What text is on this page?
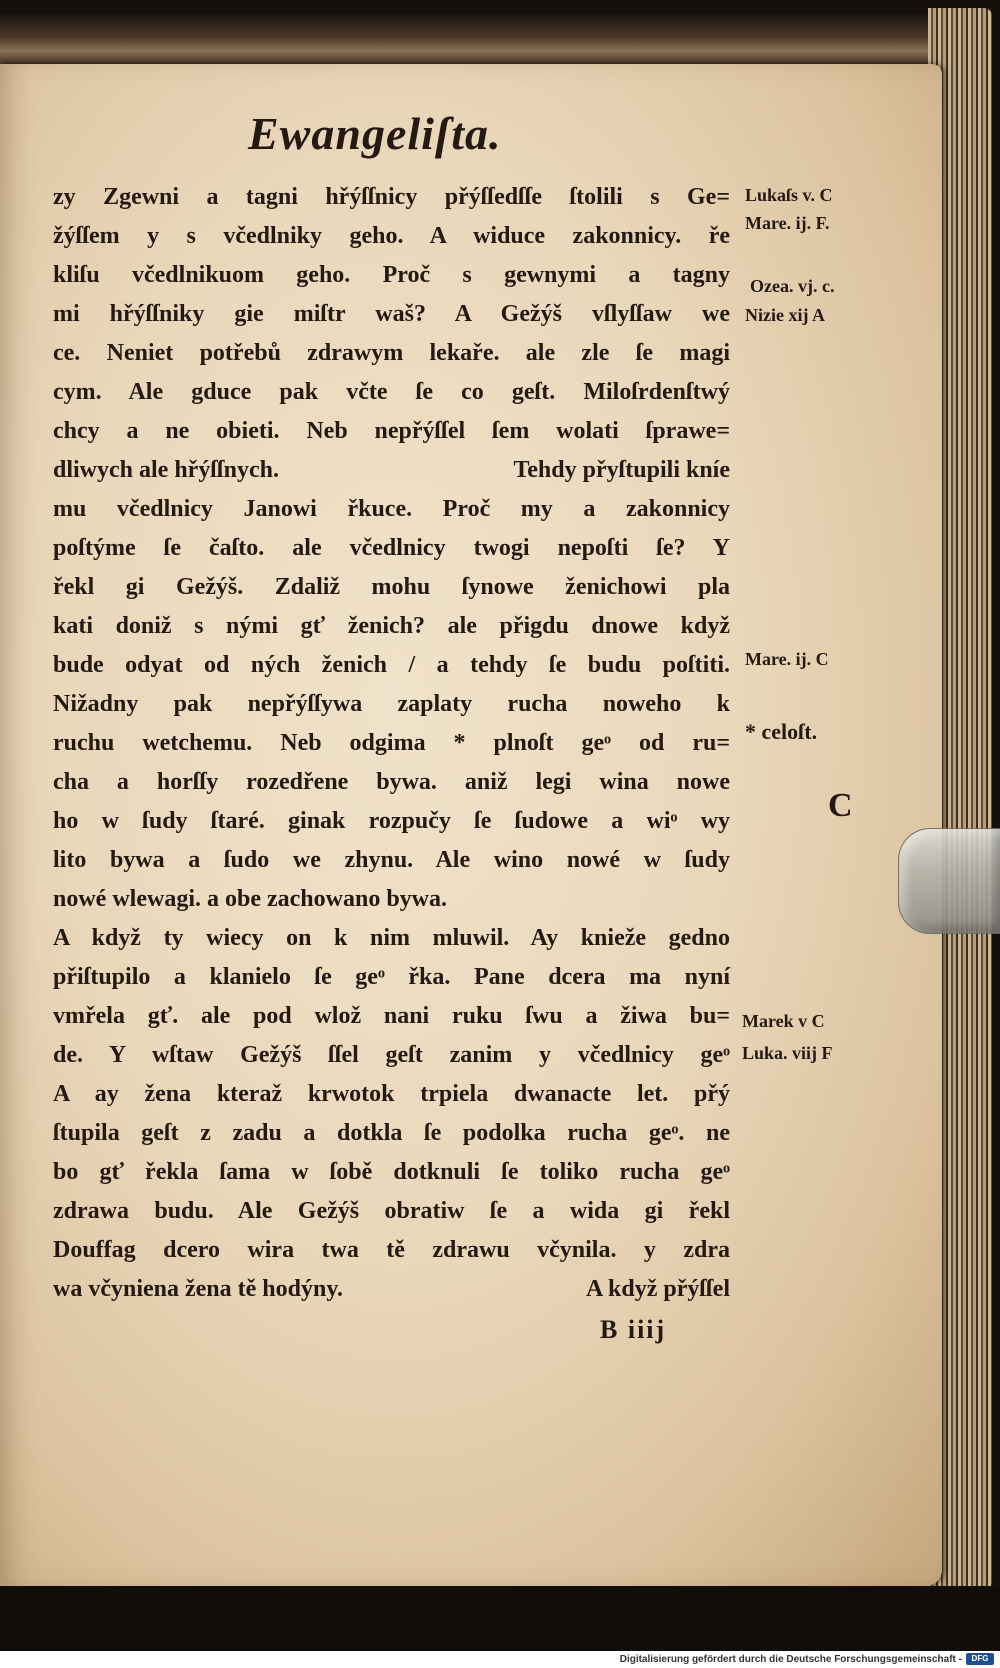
Ewangeliſta.
zy Zgewni a tagni hřýſſnicy přýſſedſſe ſtolili s Ge=
žýſſem y s včedlniky geho. A widuce zakonnicy. ře
kliſu včedlnikuom geho. Proč s gewnymi a tagny
mi hřýſſniky gie miſtr waš? A Gežýš vſlyſſaw we
ce. Neniet potřebů zdrawym lekaře. ale zle ſe magi
cym. Ale gduce pak včte ſe co geſt. Miloſrdenſtwý
chcy a ne obieti. Neb nepřýſſel ſem wolati ſprawe=
dliwych ale hřýſſnych.	Tehdy přyſtupili kníe
mu včedlnicy Janowi řkuce. Proč my a zakonnicy
poſtýme ſe čaſto. ale včedlnicy twogi nepoſti ſe? Y
řekl gi Gežýš. Zdaliž mohu ſynowe ženichowi pla
kati doniž s nými gť ženich? ale přigdu dnowe když
bude odyat od ných ženich / a tehdy ſe budu poſtiti.
Nižadny pak nepřýſſywa zaplaty rucha noweho k
ruchu wetchemu. Neb odgima * plnoſt geᵒ od ru=
cha a horſſy rozedřene bywa. aniž legi wina nowe
ho w ſudy ſtaré. ginak rozpučy ſe ſudowe a wiᵒ wy
lito bywa a ſudo we zhynu. Ale wino nowé w ſudy
nowé wlewagi. a obe zachowano bywa.
A když ty wiecy on k nim mluwil. Ay knieže gedno
přiſtupilo a klanielo ſe geᵒ řka. Pane dcera ma nyní
vmřela gť. ale pod wlož nani ruku ſwu a žiwa bu=
de. Y wſtaw Gežýš ſſel geſt zanim y včedlnicy geᵒ
A ay žena kteraž krwotok trpiela dwanacte let. přý
ſtupila geſt z zadu a dotkla ſe podolka rucha geᵒ. ne
bo gť řekla ſama w ſobě dotknuli ſe toliko rucha geᵒ
zdrawa budu. Ale Gežýš obratiw ſe a wida gi řekl
Douffag dcero wira twa tě zdrawu včynila. y zdra
wa včyniena žena tě hodýny.	A když přýſſel
Lukaſs v. C
Mare. ij. F.
Ozea. vj. c.
Nizie xij A
Mare. ij. C
* celoſt.
C
Marek v C
Luka. viij F
B iiij
Digitalisierung gefördert durch die Deutsche Forschungsgemeinschaft -	DFG
